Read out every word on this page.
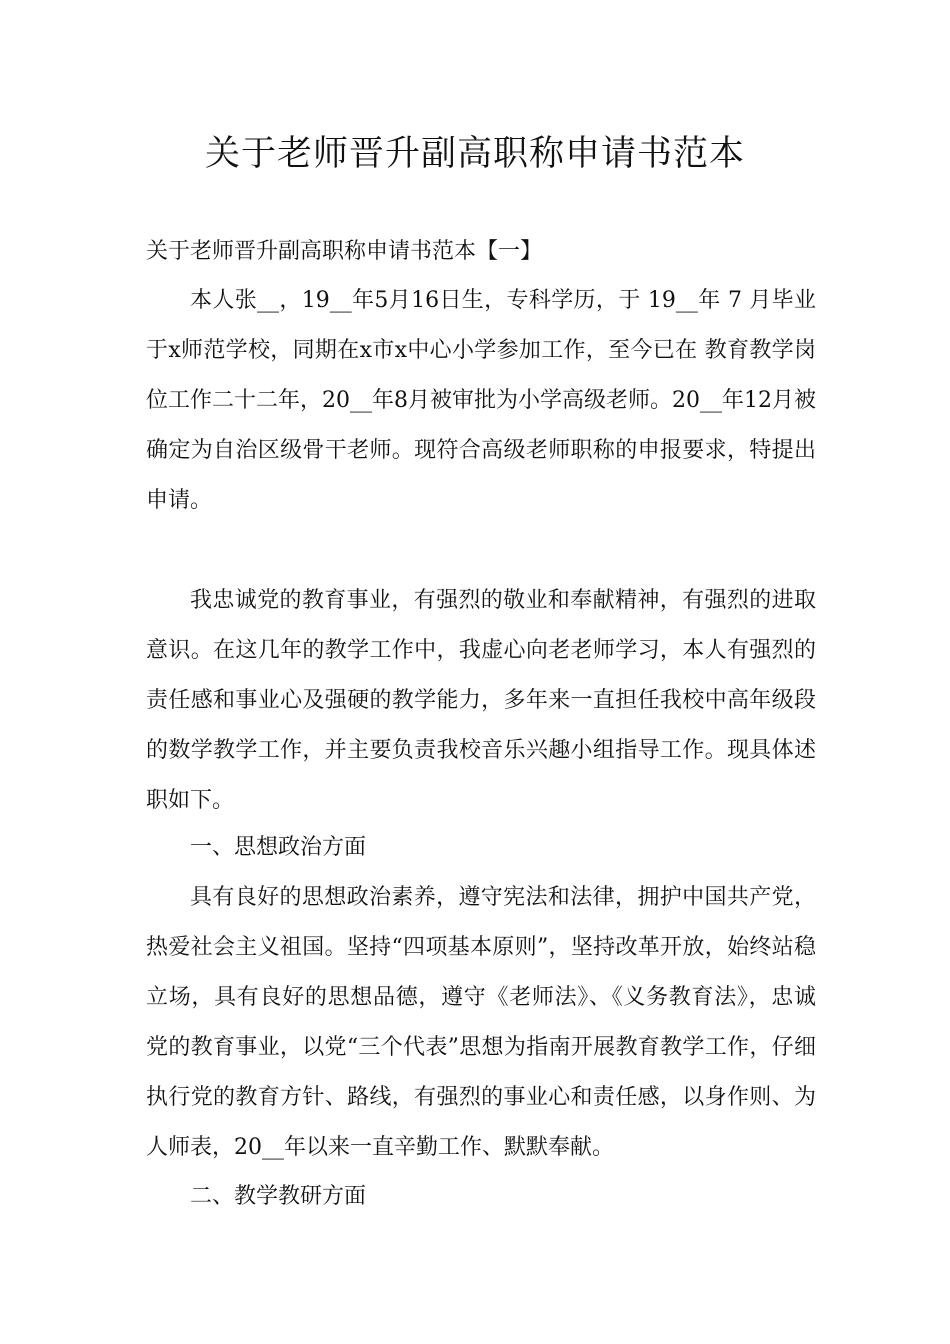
关于老师晋升副高职称申请书范本

关于老师晋升副高职称申请书范本【一】

本人张__，19__年5月16日生，专科学历，于 19__年 7 月毕业于x师范学校，同期在x市x中心小学参加工作，至今已在 教育教学岗位工作二十二年，20__年8月被审批为小学高级老师。20__年12月被确定为自治区级骨干老师。现符合高级老师职称的申报要求，特提出申请。

我忠诚党的教育事业，有强烈的敬业和奉献精神，有强烈的进取意识。在这几年的教学工作中，我虚心向老老师学习，本人有强烈的责任感和事业心及强硬的教学能力，多年来一直担任我校中高年级段的数学教学工作，并主要负责我校音乐兴趣小组指导工作。现具体述职如下。

一、思想政治方面

具有良好的思想政治素养，遵守宪法和法律，拥护中国共产党，热爱社会主义祖国。坚持“四项基本原则”，坚持改革开放，始终站稳立场，具有良好的思想品德，遵守《老师法》、《义务教育法》，忠诚党的教育事业，以党“三个代表”思想为指南开展教育教学工作，仔细执行党的教育方针、路线，有强烈的事业心和责任感，以身作则、为人师表，20__年以来一直辛勤工作、默默奉献。

二、教学教研方面
